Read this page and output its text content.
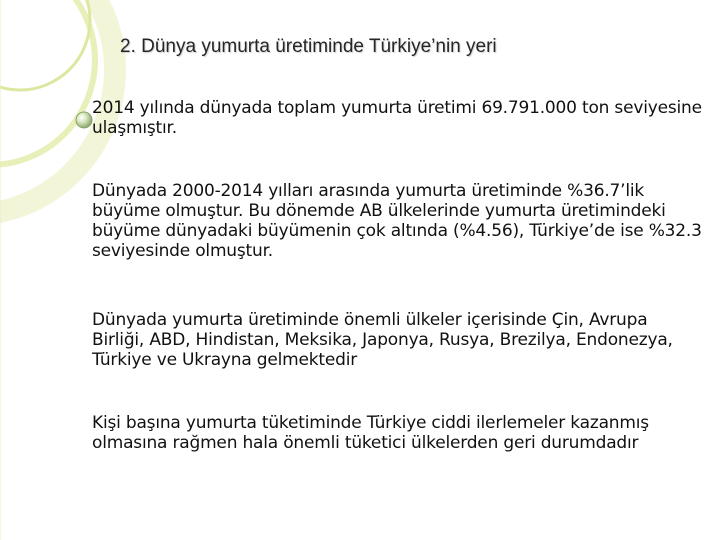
2. Dünya yumurta üretiminde Türkiye’nin yeri

2014 yılında dünyada toplam yumurta üretimi 69.791.000 ton seviyesine ulaşmıştır.

Dünyada 2000-2014 yılları arasında yumurta üretiminde %36.7’lik büyüme olmuştur. Bu dönemde AB ülkelerinde yumurta üretimindeki büyüme dünyadaki büyümenin çok altında (%4.56), Türkiye’de ise %32.3 seviyesinde olmuştur.

Dünyada yumurta üretiminde önemli ülkeler içerisinde Çin, Avrupa Birliği, ABD, Hindistan, Meksika, Japonya, Rusya, Brezilya, Endonezya, Türkiye ve Ukrayna gelmektedir

Kişi başına yumurta tüketiminde Türkiye ciddi ilerlemeler kazanmış olmasına rağmen hala önemli tüketici ülkelerden geri durumdadır
